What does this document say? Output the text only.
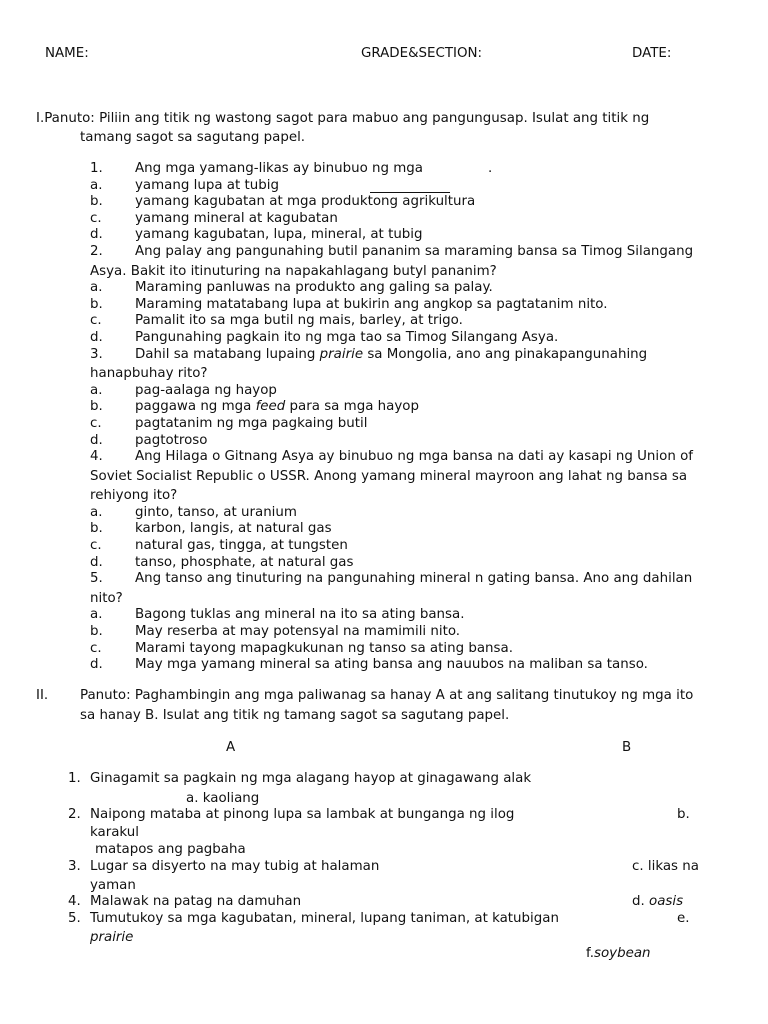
NAME:	GRADE&SECTION:	DATE:

I.Panuto: Piliin ang titik ng wastong sagot para mabuo ang pangungusap. Isulat ang titik ng

tamang sagot sa sagutang papel.

1. Ang mga yamang-likas ay binubuo ng mga	.
a. yamang lupa at tubig
b. yamang kagubatan at mga produktong agrikultura
c. yamang mineral at kagubatan
d. yamang kagubatan, lupa, mineral, at tubig
2. Ang palay ang pangunahing butil pananim sa maraming bansa sa Timog Silangang
Asya. Bakit ito itinuturing na napakahlagang butyl pananim?
a. Maraming panluwas na produkto ang galing sa palay.
b. Maraming matatabang lupa at bukirin ang angkop sa pagtatanim nito.
c. Pamalit ito sa mga butil ng mais, barley, at trigo.
d. Pangunahing pagkain ito ng mga tao sa Timog Silangang Asya.
3. Dahil sa matabang lupaing prairie sa Mongolia, ano ang pinakapangunahing
hanapbuhay rito?
a. pag-aalaga ng hayop
b. paggawa ng mga feed para sa mga hayop
c. pagtatanim ng mga pagkaing butil
d. pagtotroso
4. Ang Hilaga o Gitnang Asya ay binubuo ng mga bansa na dati ay kasapi ng Union of
Soviet Socialist Republic o USSR. Anong yamang mineral mayroon ang lahat ng bansa sa
rehiyong ito?
a. ginto, tanso, at uranium
b. karbon, langis, at natural gas
c. natural gas, tingga, at tungsten
d. tanso, phosphate, at natural gas
5. Ang tanso ang tinuturing na pangunahing mineral n gating bansa. Ano ang dahilan
nito?
a. Bagong tuklas ang mineral na ito sa ating bansa.
b. May reserba at may potensyal na mamimili nito.
c. Marami tayong mapagkukunan ng tanso sa ating bansa.
d. May mga yamang mineral sa ating bansa ang nauubos na maliban sa tanso.
II. Panuto: Paghambingin ang mga paliwanag sa hanay A at ang salitang tinutukoy ng mga ito

sa hanay B. Isulat ang titik ng tamang sagot sa sagutang papel.

A	B
1. Ginagamit sa pagkain ng mga alagang hayop at ginagawang alak
a. kaoliang
2. Naipong mataba at pinong lupa sa lambak at bunganga ng ilog	b.
karakul
matapos ang pagbaha
3. Lugar sa disyerto na may tubig at halaman	c. likas na
yaman
4. Malawak na patag na damuhan	d. oasis
5. Tumutukoy sa mga kagubatan, mineral, lupang taniman, at katubigan	e.
prairie
f.soybean
